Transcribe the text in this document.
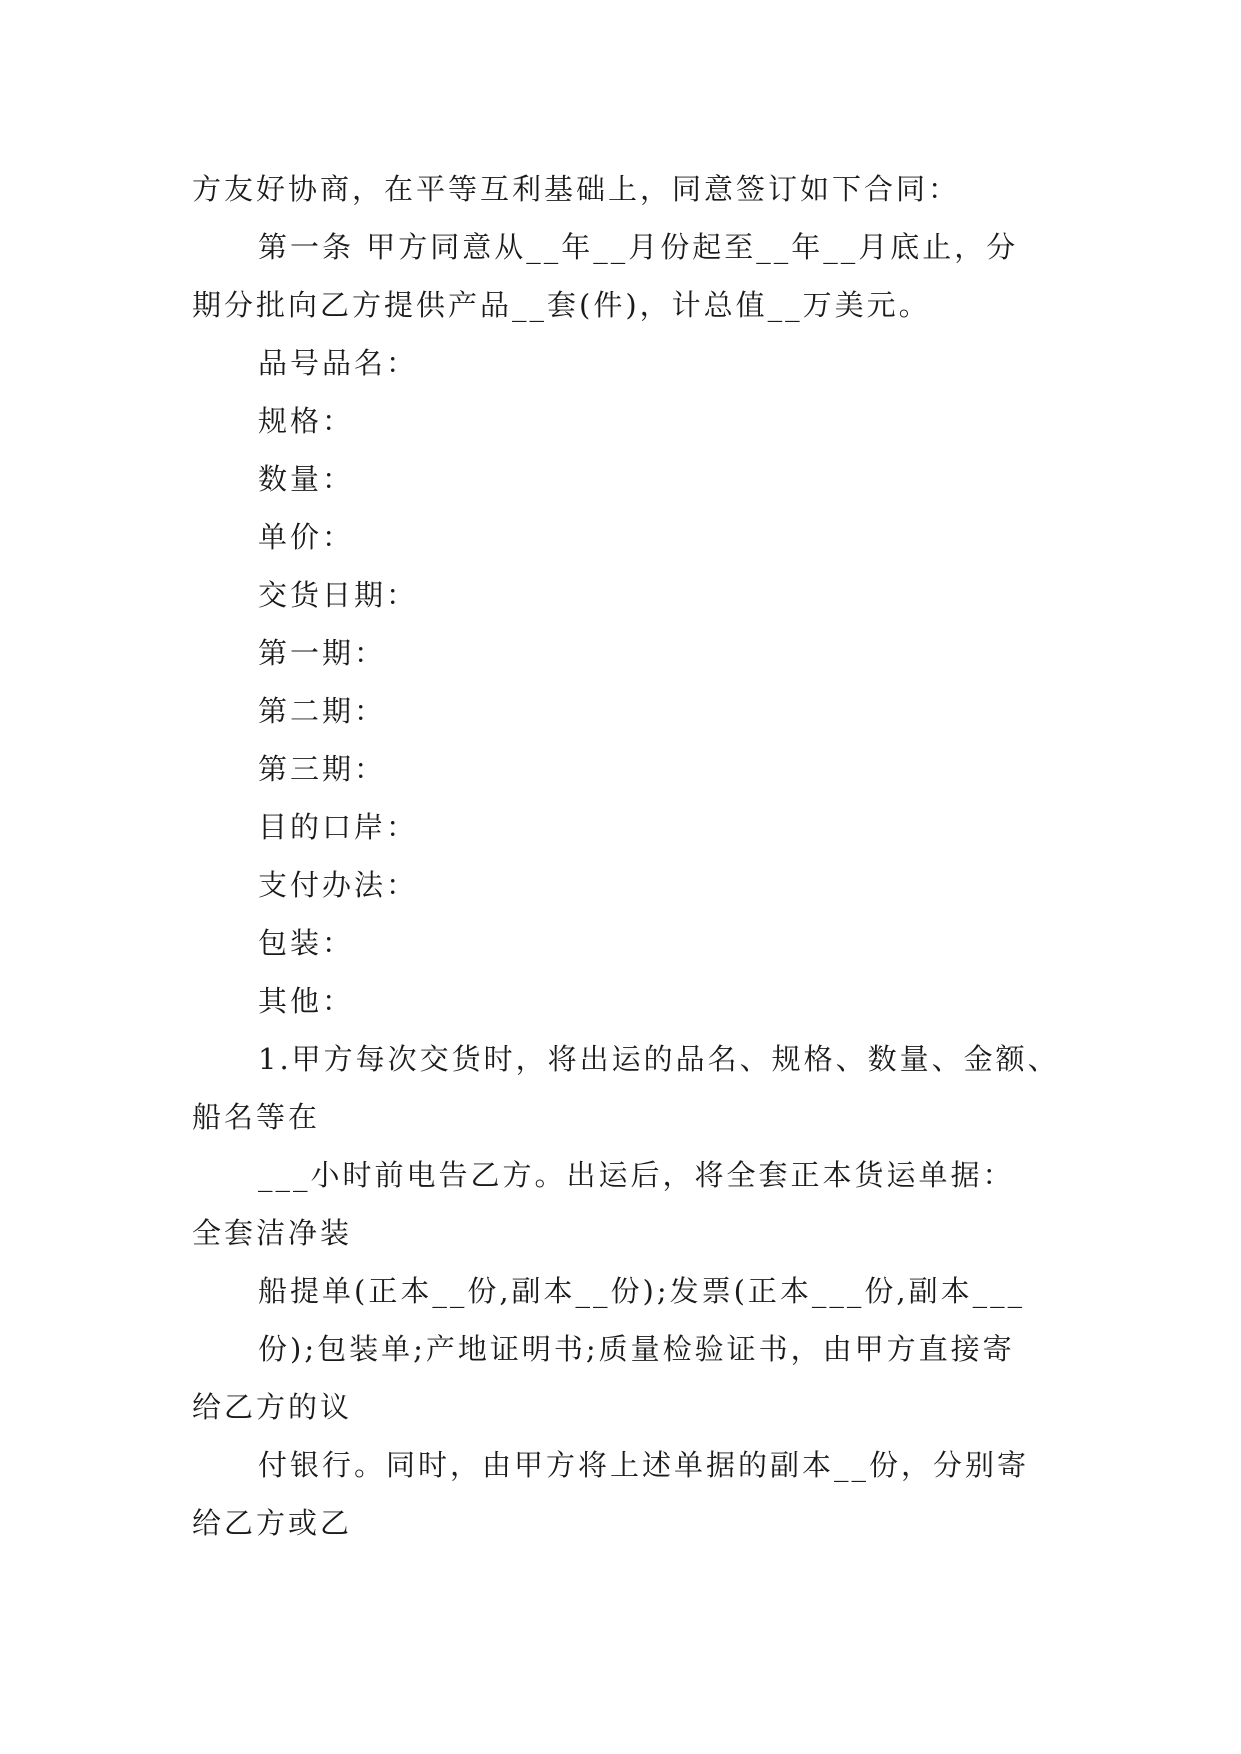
方友好协商，在平等互利基础上，同意签订如下合同：

第一条 甲方同意从__年__月份起至__年__月底止，分

期分批向乙方提供产品__套(件)，计总值__万美元。

品号品名：

规格：

数量：

单价：

交货日期：

第一期：

第二期：

第三期：

目的口岸：

支付办法：

包装：

其他：

1.甲方每次交货时，将出运的品名、规格、数量、金额、

船名等在

___小时前电告乙方。出运后，将全套正本货运单据：

全套洁净装

船提单(正本__份,副本__份);发票(正本___份,副本___

份);包装单;产地证明书;质量检验证书，由甲方直接寄

给乙方的议

付银行。同时，由甲方将上述单据的副本__份，分别寄

给乙方或乙
